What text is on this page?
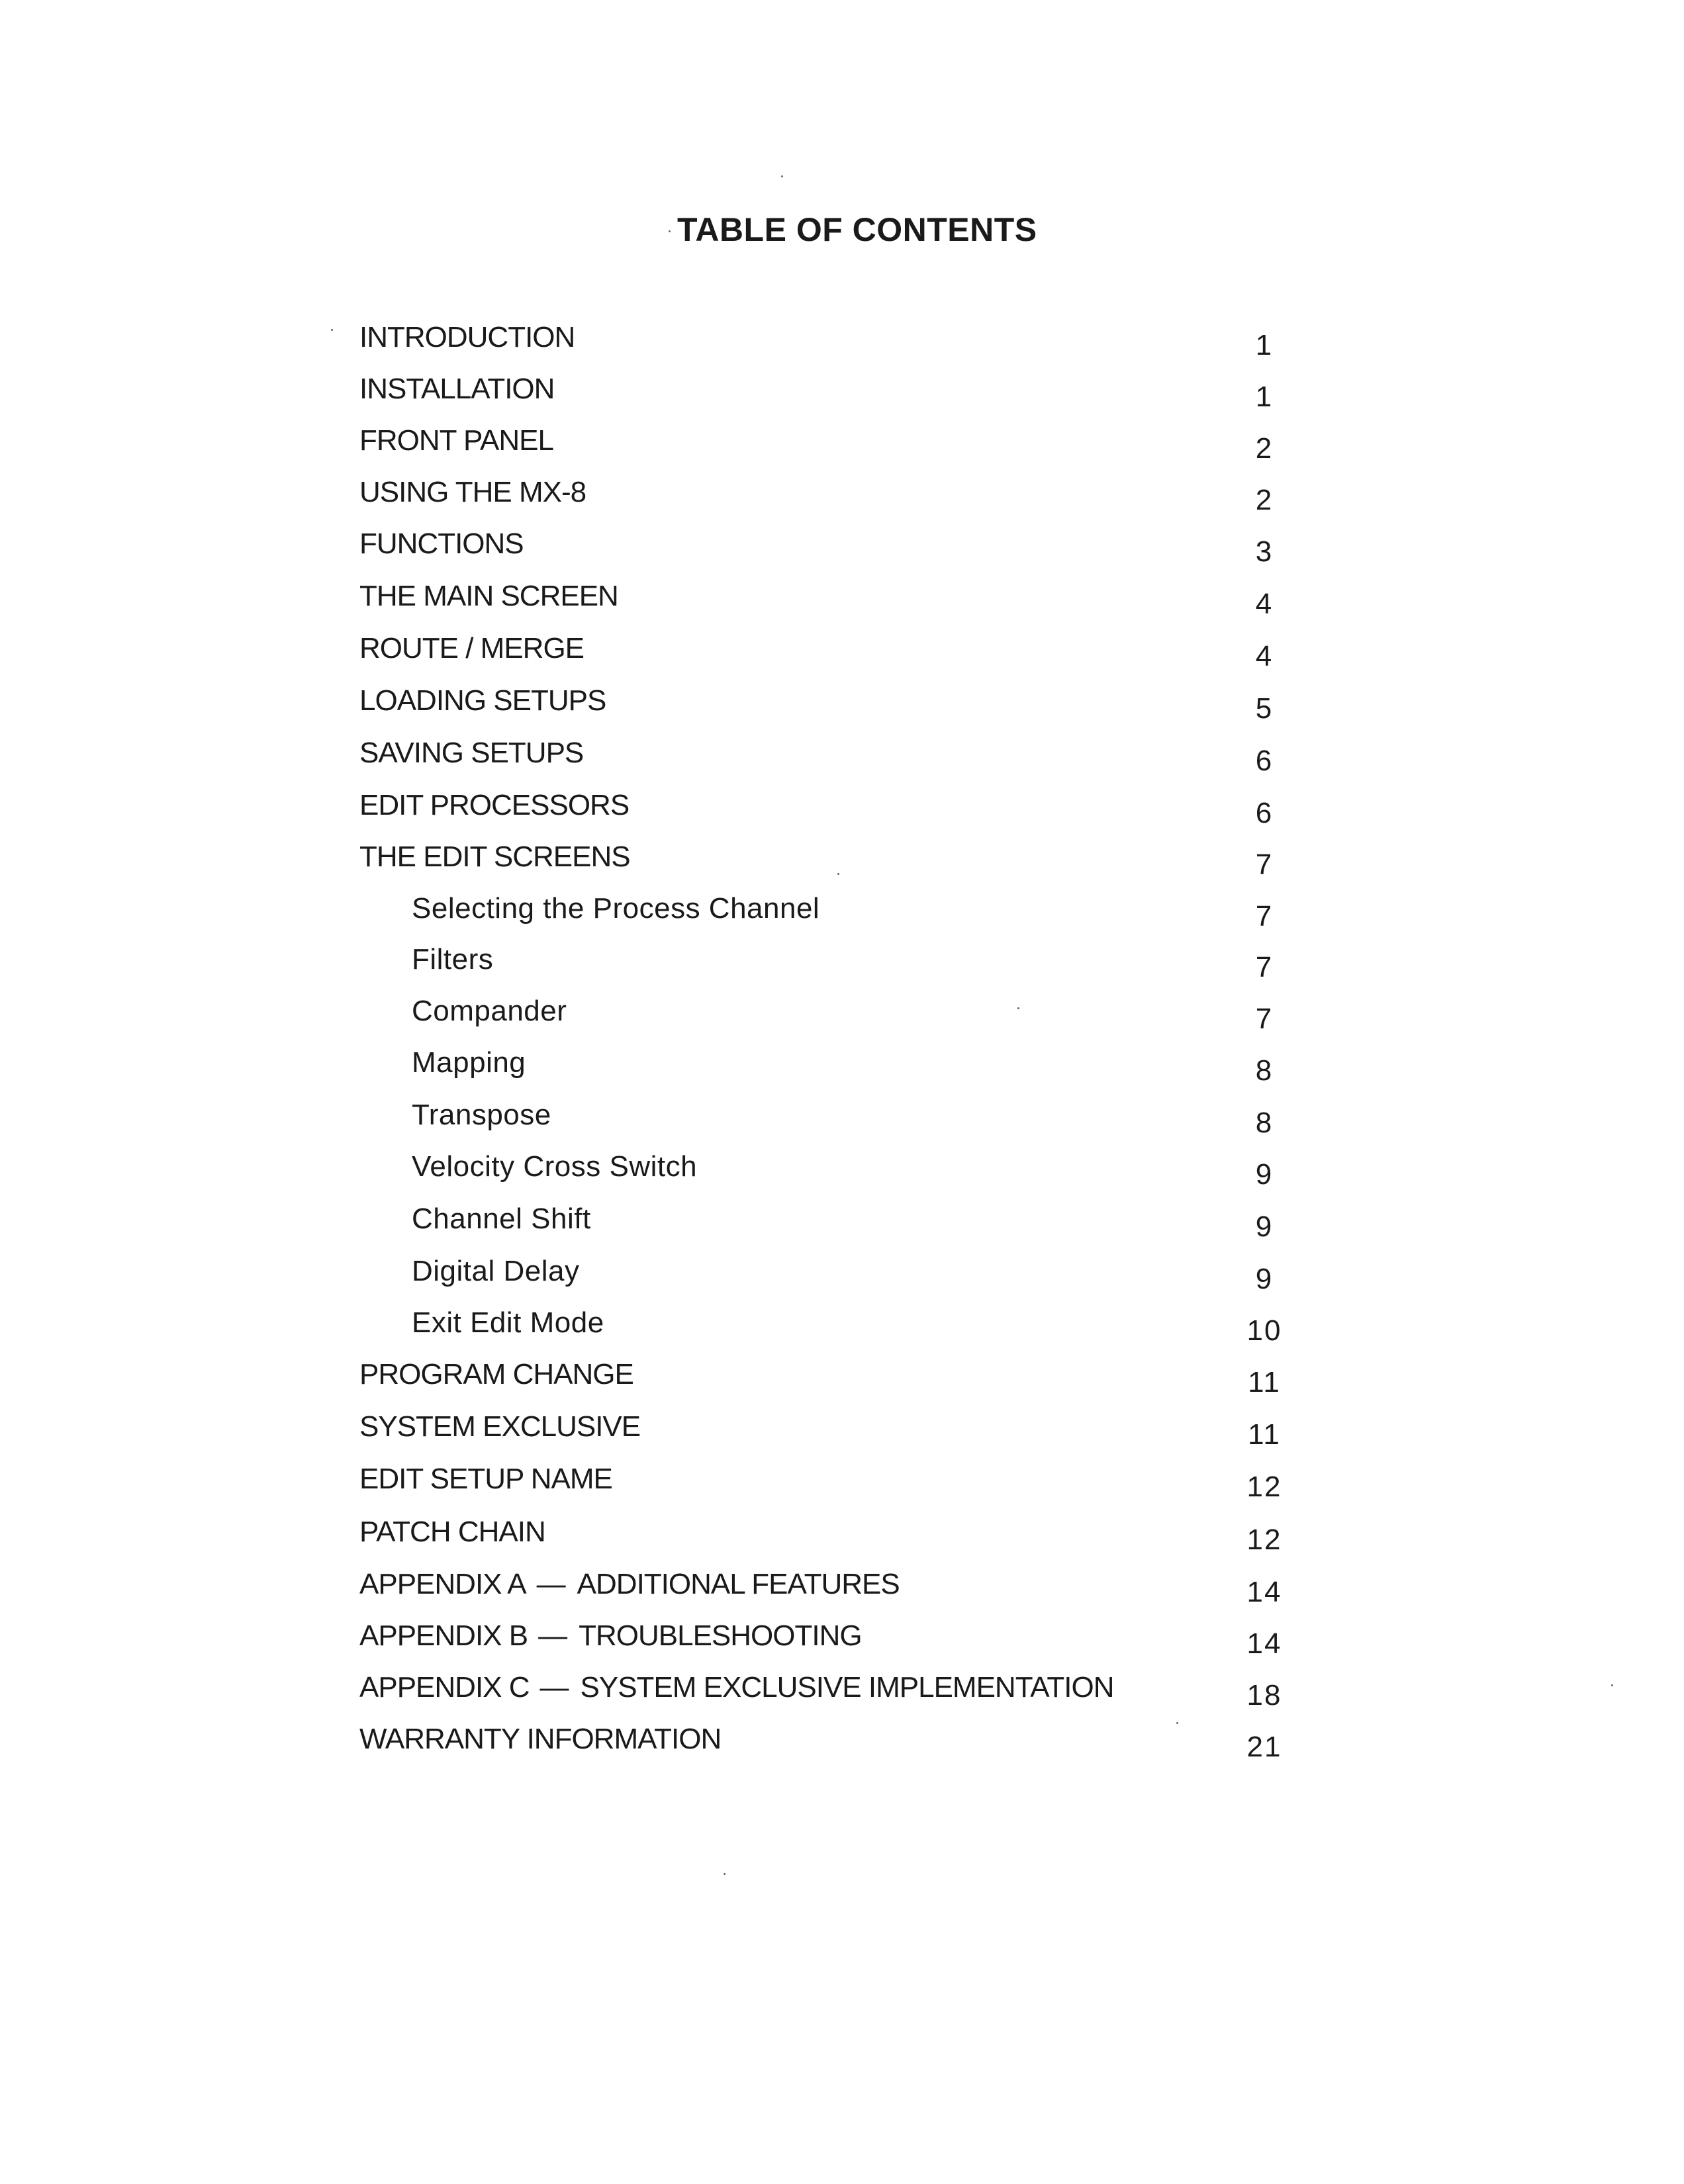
TABLE OF CONTENTS
INTRODUCTION	1
INSTALLATION	1
FRONT PANEL	2
USING THE MX-8	2
FUNCTIONS	3
THE MAIN SCREEN	4
ROUTE / MERGE	4
LOADING SETUPS	5
SAVING SETUPS	6
EDIT PROCESSORS	6
THE EDIT SCREENS	7
Selecting the Process Channel	7
Filters	7
Compander	7
Mapping	8
Transpose	8
Velocity Cross Switch	9
Channel Shift	9
Digital Delay	9
Exit Edit Mode	10
PROGRAM CHANGE	11
SYSTEM EXCLUSIVE	11
EDIT SETUP NAME	12
PATCH CHAIN	12
APPENDIX A — ADDITIONAL FEATURES	14
APPENDIX B — TROUBLESHOOTING	14
APPENDIX C — SYSTEM EXCLUSIVE IMPLEMENTATION	18
WARRANTY INFORMATION	21
